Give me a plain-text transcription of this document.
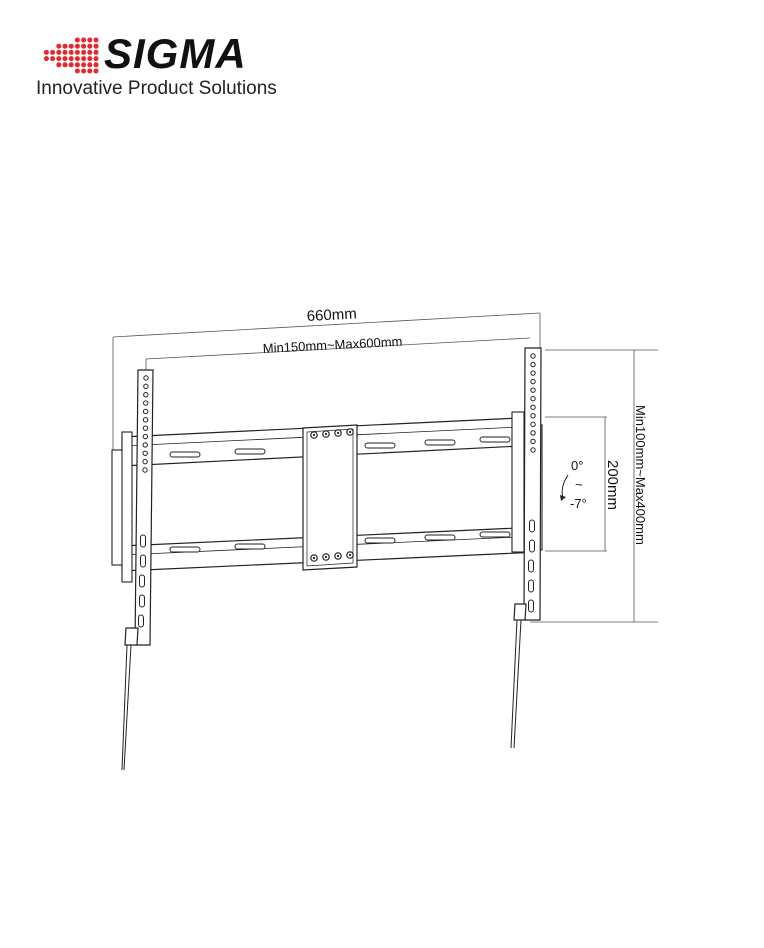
SIGMA
Innovative Product Solutions
660mm
Min150mm~Max600mm
Min100mm~Max400mm
200mm
0°
~
-7°
